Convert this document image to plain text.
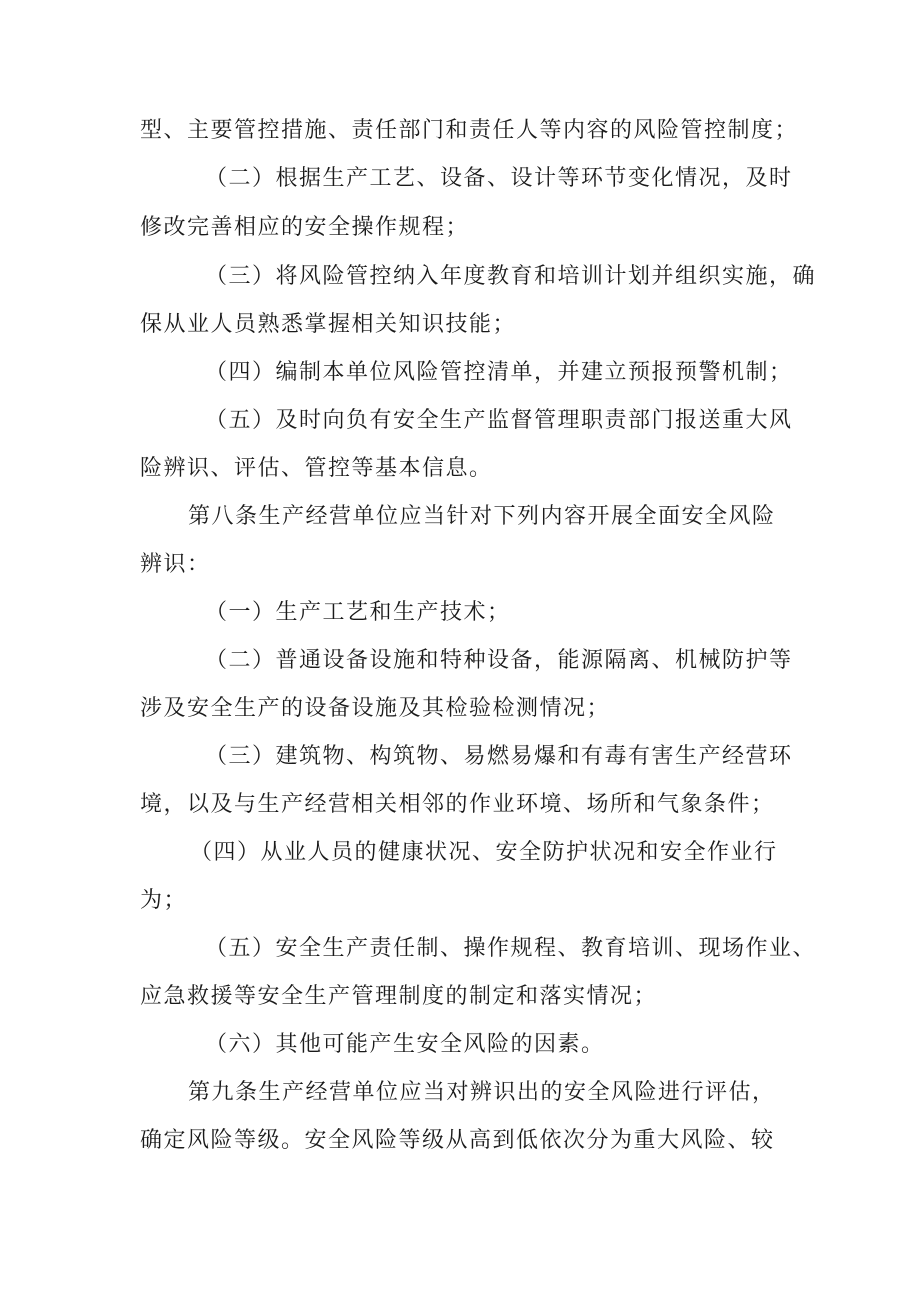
型、主要管控措施、责任部门和责任人等内容的风险管控制度；
（二）根据生产工艺、设备、设计等环节变化情况，及时
修改完善相应的安全操作规程；
（三）将风险管控纳入年度教育和培训计划并组织实施，确
保从业人员熟悉掌握相关知识技能；
（四）编制本单位风险管控清单，并建立预报预警机制；
（五）及时向负有安全生产监督管理职责部门报送重大风
险辨识、评估、管控等基本信息。
第八条生产经营单位应当针对下列内容开展全面安全风险
辨识：
（一）生产工艺和生产技术；
（二）普通设备设施和特种设备，能源隔离、机械防护等
涉及安全生产的设备设施及其检验检测情况；
（三）建筑物、构筑物、易燃易爆和有毒有害生产经营环
境，以及与生产经营相关相邻的作业环境、场所和气象条件；
（四）从业人员的健康状况、安全防护状况和安全作业行
为；
（五）安全生产责任制、操作规程、教育培训、现场作业、
应急救援等安全生产管理制度的制定和落实情况；
（六）其他可能产生安全风险的因素。
第九条生产经营单位应当对辨识出的安全风险进行评估，
确定风险等级。安全风险等级从高到低依次分为重大风险、较
